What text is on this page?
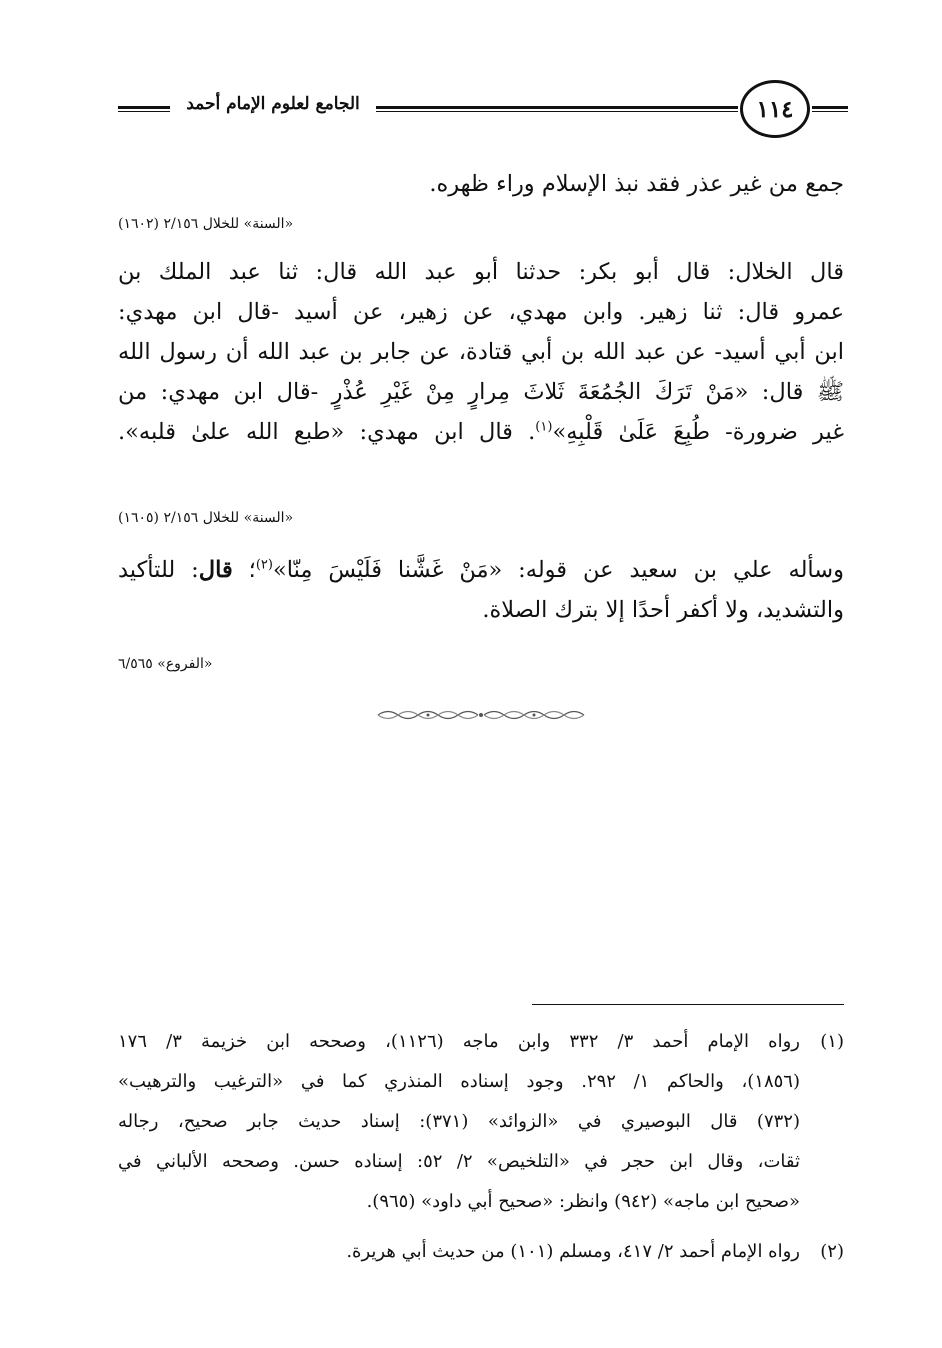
الجامع لعلوم الإمام أحمد	١١٤
جمع من غير عذر فقد نبذ الإسلام وراء ظهره.
«السنة» للخلال ٢/١٥٦ (١٦٠٢)
قال الخلال: قال أبو بكر: حدثنا أبو عبد الله قال: ثنا عبد الملك بن
عمرو قال: ثنا زهير. وابن مهدي، عن زهير، عن أسيد -قال ابن مهدي:
ابن أبي أسيد- عن عبد الله بن أبي قتادة، عن جابر بن عبد الله أن رسول الله
ﷺ قال: «مَنْ تَرَكَ الجُمُعَةَ ثَلاثَ مِرارٍ مِنْ غَيْرِ عُذْرٍ -قال ابن مهدي: من
غير ضرورة- طُبِعَ عَلَىٰ قَلْبِهِ»$^{(١)}$. قال ابن مهدي: «طبع الله علىٰ قلبه».
«السنة» للخلال ٢/١٥٦ (١٦٠٥)
وسأله علي بن سعيد عن قوله: «مَنْ غَشَّنا فَلَيْسَ مِنّا»$^{(٢)}$؛ قال: للتأكيد
والتشديد، ولا أكفر أحدًا إلا بترك الصلاة.
«الفروع» ٦/٥٦٥
(١)
رواه الإمام أحمد ٣/ ٣٣٢ وابن ماجه (١١٢٦)، وصححه ابن خزيمة ٣/ ١٧٦
(١٨٥٦)، والحاكم ١/ ٢٩٢. وجود إسناده المنذري كما في «الترغيب والترهيب»
(٧٣٢) قال البوصيري في «الزوائد» (٣٧١): إسناد حديث جابر صحيح، رجاله
ثقات، وقال ابن حجر في «التلخيص» ٢/ ٥٢: إسناده حسن. وصححه الألباني في
«صحيح ابن ماجه» (٩٤٢) وانظر: «صحيح أبي داود» (٩٦٥).
(٢)
رواه الإمام أحمد ٢/ ٤١٧، ومسلم (١٠١) من حديث أبي هريرة.
